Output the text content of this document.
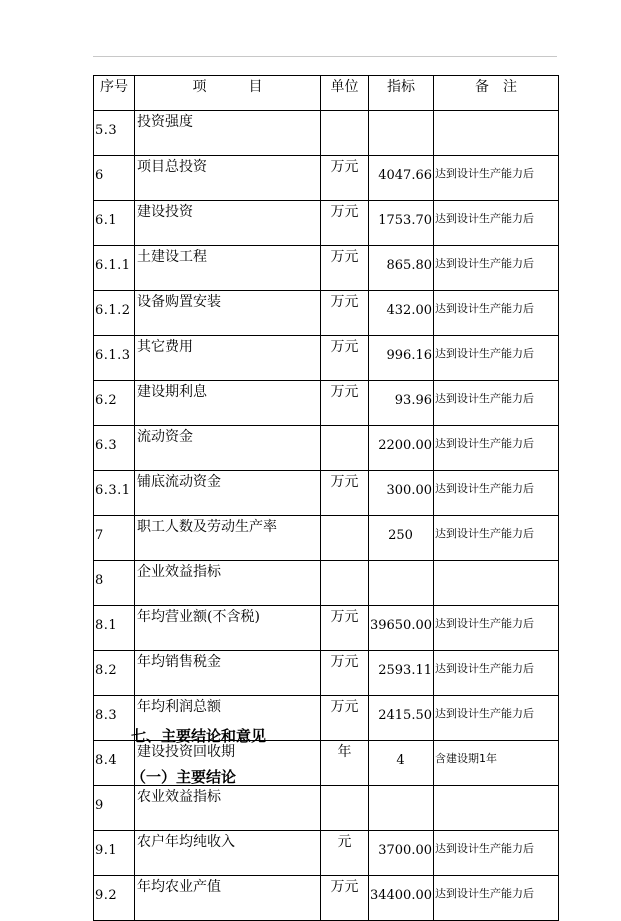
序号	项　　　目	单位	指标	备　注
5.3	投资强度			
6	项目总投资	万元	4047.66	达到设计生产能力后
6.1	建设投资	万元	1753.70	达到设计生产能力后
6.1.1	土建设工程	万元	865.80	达到设计生产能力后
6.1.2	设备购置安装	万元	432.00	达到设计生产能力后
6.1.3	其它费用	万元	996.16	达到设计生产能力后
6.2	建设期利息	万元	93.96	达到设计生产能力后
6.3	流动资金		2200.00	达到设计生产能力后
6.3.1	铺底流动资金	万元	300.00	达到设计生产能力后
7	职工人数及劳动生产率		250	达到设计生产能力后
8	企业效益指标			
8.1	年均营业额(不含税)	万元	39650.00	达到设计生产能力后
8.2	年均销售税金	万元	2593.11	达到设计生产能力后
8.3	年均利润总额	万元	2415.50	达到设计生产能力后
8.4	建设投资回收期	年	4	含建设期1年
9	农业效益指标			
9.1	农户年均纯收入	元	3700.00	达到设计生产能力后
9.2	年均农业产值	万元	34400.00	达到设计生产能力后
七、主要结论和意见
（一）主要结论
